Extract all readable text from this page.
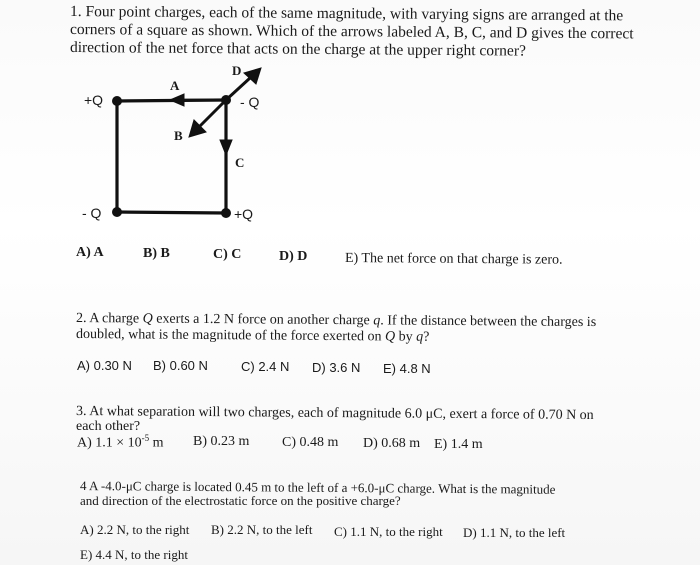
1. Four point charges, each of the same magnitude, with varying signs are arranged at the
corners of a square as shown. Which of the arrows labeled A, B, C, and D gives the correct
direction of the net force that acts on the charge at the upper right corner?
+Q	- Q
- Q	+Q
A
B
C
D
A) A	B) B	C) C	D) D	E) The net force on that charge is zero.
2. A charge Q exerts a 1.2 N force on another charge q. If the distance between the charges is
doubled, what is the magnitude of the force exerted on Q by q?
A) 0.30 N B) 0.60 N	C) 2.4 N D) 3.6 N E) 4.8 N
3. At what separation will two charges, each of magnitude 6.0 μC, exert a force of 0.70 N on
each other?
A) $1.1 \times 10^{-5}$ m B) 0.23 m C) 0.48 m D) 0.68 m E) 1.4 m
4 A -4.0-μC charge is located 0.45 m to the left of a +6.0-μC charge. What is the magnitude
and direction of the electrostatic force on the positive charge?
A) 2.2 N, to the right B) 2.2 N, to the left C) 1.1 N, to the right D) 1.1 N, to the left
E) 4.4 N, to the right
